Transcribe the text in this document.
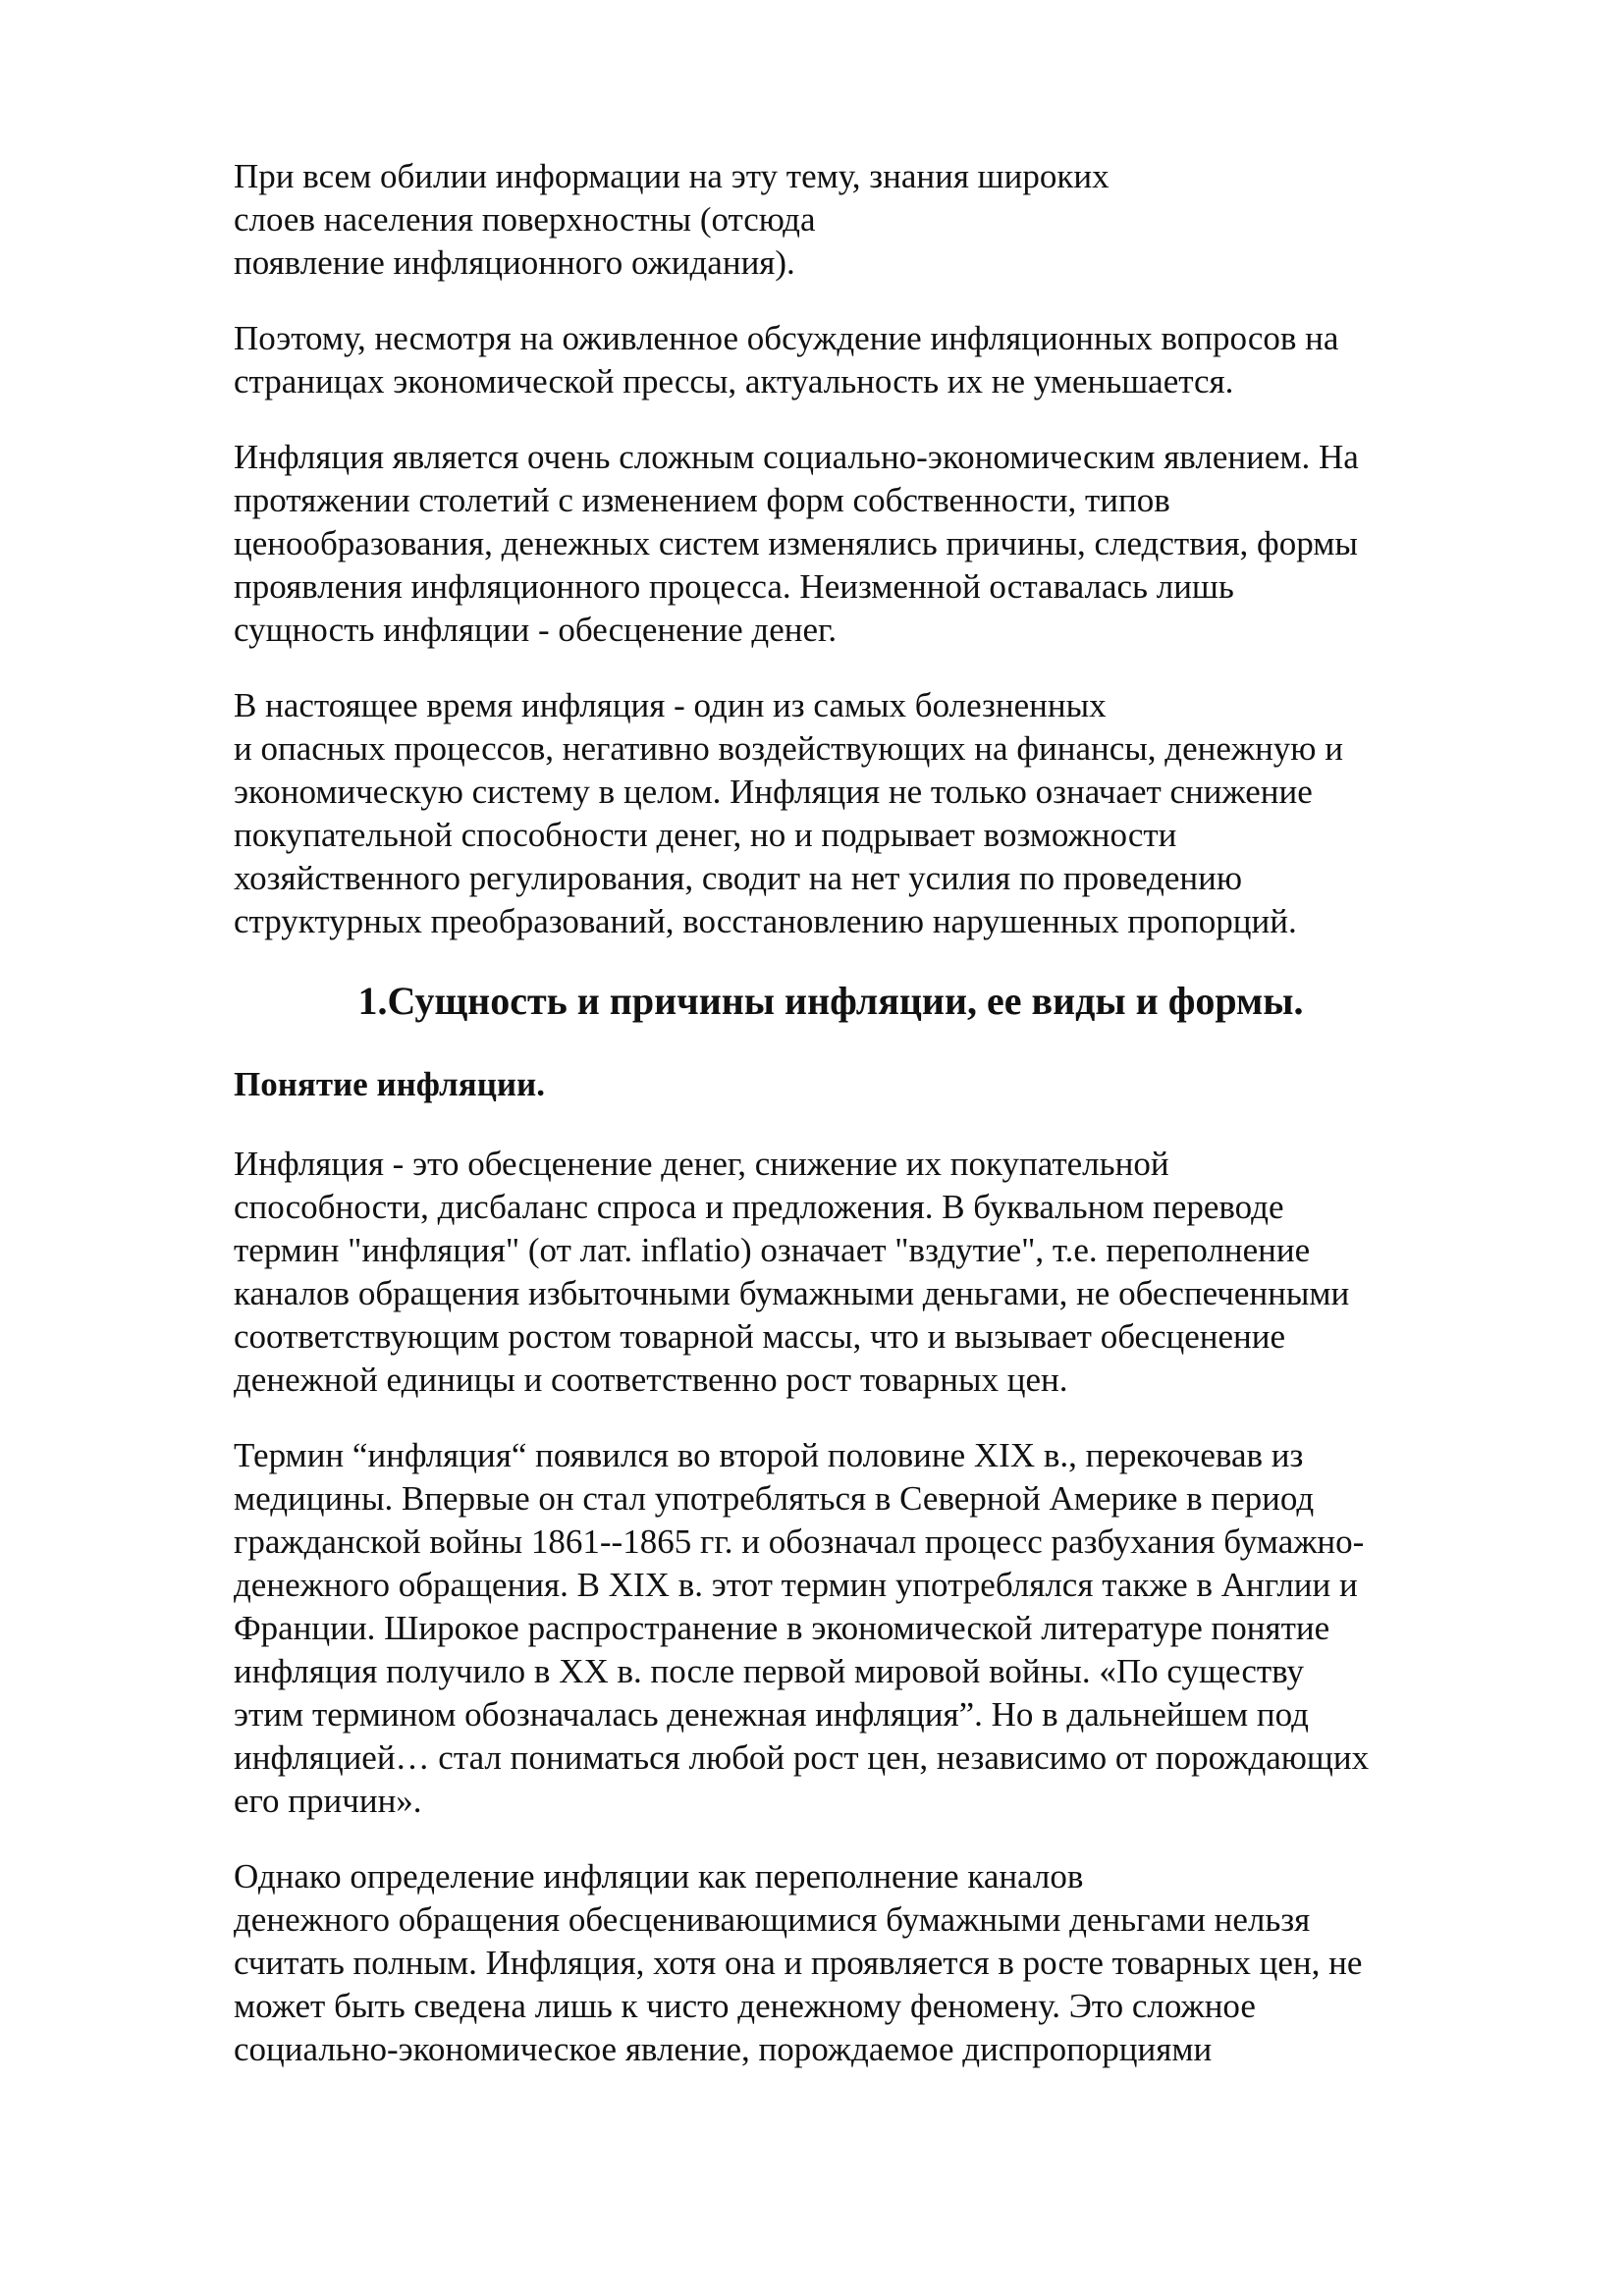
При всем обилии информации на эту тему, знания широких
слоев населения поверхностны (отсюда
появление инфляционного ожидания).
Поэтому, несмотря на оживленное обсуждение инфляционных вопросов на
страницах экономической прессы, актуальность их не уменьшается.
Инфляция является очень сложным социально-экономическим явлением. На
протяжении столетий с изменением форм собственности, типов
ценообразования, денежных систем изменялись причины, следствия, формы
проявления инфляционного процесса. Неизменной оставалась лишь
сущность инфляции - обесценение денег.
В настоящее время инфляция - один из самых болезненных
и опасных процессов, негативно воздействующих на финансы, денежную и
экономическую систему в целом. Инфляция не только означает снижение
покупательной способности денег, но и подрывает возможности
хозяйственного регулирования, сводит на нет усилия по проведению
структурных преобразований, восстановлению нарушенных пропорций.
1.Сущность и причины инфляции, ее виды и формы.
Понятие инфляции.
Инфляция - это обесценение денег, снижение их покупательной
способности, дисбаланс спроса и предложения. В буквальном переводе
термин "инфляция" (от лат. inflatio) означает "вздутие", т.е. переполнение
каналов обращения избыточными бумажными деньгами, не обеспеченными
соответствующим ростом товарной массы, что и вызывает обесценение
денежной единицы и соответственно рост товарных цен.
Термин “инфляция“ появился во второй половине XIX в., перекочевав из
медицины. Впервые он стал употребляться в Северной Америке в период
гражданской войны 1861--1865 гг. и обозначал процесс разбухания бумажно-
денежного обращения. В XIX в. этот термин употреблялся также в Англии и
Франции. Широкое распространение в экономической литературе понятие
инфляция получило в XX в. после первой мировой войны. «По существу
этим термином обозначалась денежная инфляция”. Но в дальнейшем под
инфляцией… стал пониматься любой рост цен, независимо от порождающих
его причин».
Однако определение инфляции как переполнение каналов
денежного обращения обесценивающимися бумажными деньгами нельзя
считать полным. Инфляция, хотя она и проявляется в росте товарных цен, не
может быть сведена лишь к чисто денежному феномену. Это сложное
социально-экономическое явление, порождаемое диспропорциями
